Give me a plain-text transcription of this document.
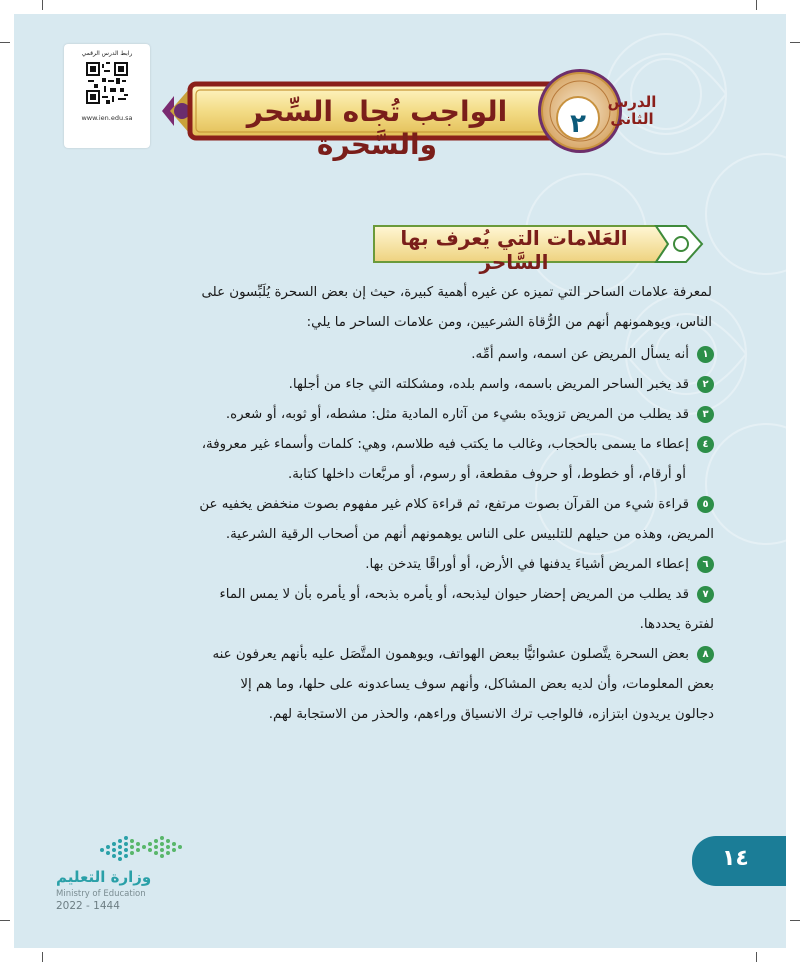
رابط الدرس الرقمي
www.ien.edu.sa
الدرس
الثاني
٢
الواجب تُجاه السِّحر والسَّحرة
العَلامات التي يُعرف بها السَّاحر
لمعرفة علامات الساحر التي تميزه عن غيره أهمية كبيرة، حيث إن بعض السحرة يُلَبِّسون على
الناس، ويوهمونهم أنهم من الرُّقاة الشرعيين، ومن علامات الساحر ما يلي:
١أنه يسأل المريض عن اسمه، واسم أمِّه.
٢قد يخبر الساحر المريض باسمه، واسم بلده، ومشكلته التي جاء من أجلها.
٣قد يطلب من المريض تزويدَه بشيء من آثاره المادية مثل: مشطه، أو ثوبه، أو شعره.
٤إعطاء ما يسمى بالحجاب، وغالب ما يكتب فيه طلاسم، وهي: كلمات وأسماء غير معروفة،
أو أرقام، أو خطوط، أو حروف مقطعة، أو رسوم، أو مربَّعات داخلها كتابة.
٥قراءة شيء من القرآن بصوت مرتفع، ثم قراءة كلام غير مفهوم بصوت منخفض يخفيه عن
المريض، وهذه من حيلهم للتلبيس على الناس يوهمونهم أنهم من أصحاب الرقية الشرعية.
٦إعطاء المريض أشياءَ يدفنها في الأرض، أو أوراقًا يتدخن بها.
٧قد يطلب من المريض إحضار حيوان ليذبحه، أو يأمره بذبحه، أو يأمره بأن لا يمس الماء
لفترة يحددها.
٨بعض السحرة يتَّصلون عشوائيًّا ببعض الهواتف، ويوهمون المتَّصَل عليه بأنهم يعرفون عنه
بعض المعلومات، وأن لديه بعض المشاكل، وأنهم سوف يساعدونه على حلها، وما هم إلا
دجالون يريدون ابتزازه، فالواجب ترك الانسياق وراءهم، والحذر من الاستجابة لهم.
وزارة التعليم
Ministry of Education
2022 - 1444
١٤
